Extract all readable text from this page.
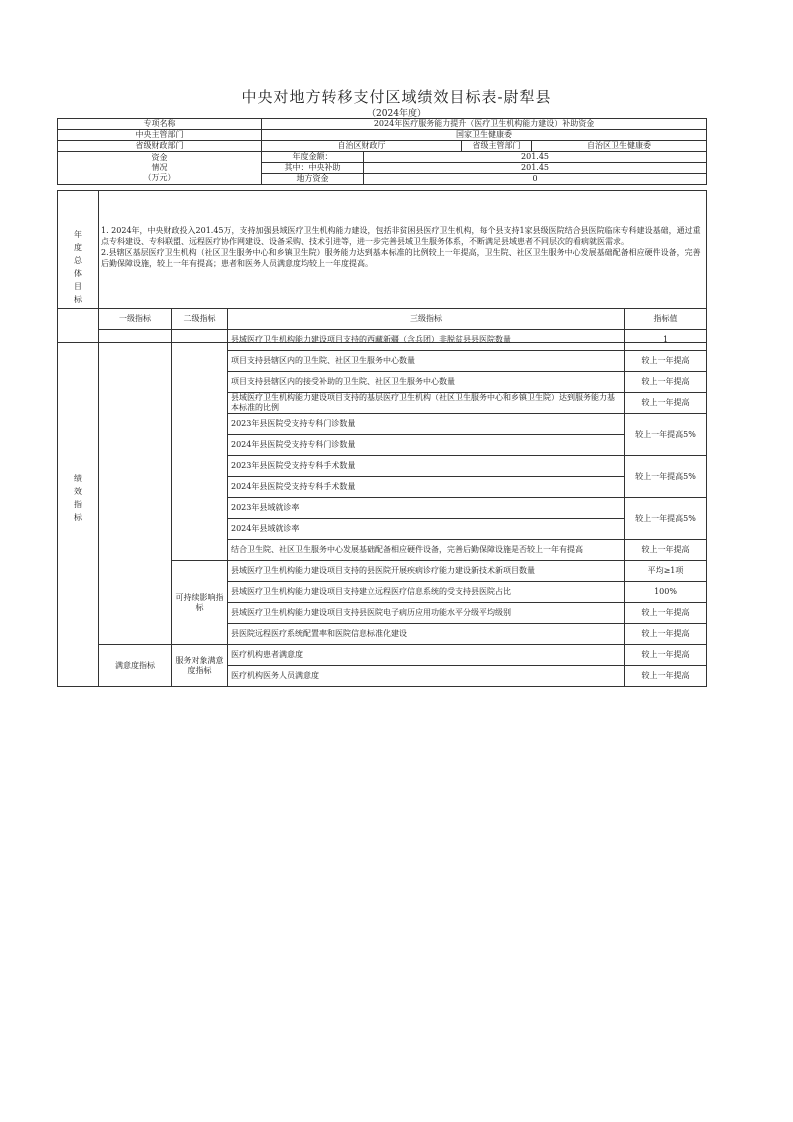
中央对地方转移支付区域绩效目标表-尉犁县
（2024年度）
专项名称	2024年医疗服务能力提升（医疗卫生机构能力建设）补助资金			
中央主管部门	国家卫生健康委			
省级财政部门	自治区财政厅		省级主管部门	自治区卫生健康委

资金
情况
（万元）	年度金额：	201.45		
	其中：中央补助	201.45		
	地方资金	0		
年
度
总
体
目
标

1. 2024年，中央财政投入201.45万，支持加强县域医疗卫生机构能力建设，包括非贫困县医疗卫生机构，每个县支持1家县级医院结合县医院临床专科建设基础，通过重点专科建设、专科联盟、远程医疗协作网建设、设备采购、技术引进等，进一步完善县域卫生服务体系，不断满足县域患者不同层次的看病就医需求。
2.县辖区基层医疗卫生机构（社区卫生服务中心和乡镇卫生院）服务能力达到基本标准的比例较上一年提高，卫生院、社区卫生服务中心发展基础配备相应硬件设备，完善后勤保障设施，较上一年有提高；患者和医务人员满意度均较上一年度提高。
绩
效
指
标	一级指标	二级指标	三级指标	指标值
			县域医疗卫生机构能力建设项目支持的西藏新疆（含兵团）非脱贫县县医院数量	1
			项目支持县辖区内的卫生院、社区卫生服务中心数量	较上一年提高
			项目支持县辖区内的接受补助的卫生院、社区卫生服务中心数量	较上一年提高
			县域医疗卫生机构能力建设项目支持的基层医疗卫生机构（社区卫生服务中心和乡镇卫生院）达到服务能力基本标准的比例	较上一年提高
			2023年县医院受支持专科门诊数量	较上一年提高5%
			2024年县医院受支持专科门诊数量	
			2023年县医院受支持专科手术数量	较上一年提高5%
			2024年县医院受支持专科手术数量	
			2023年县域就诊率	较上一年提高5%
			2024年县域就诊率	
			结合卫生院、社区卫生服务中心发展基础配备相应硬件设备，完善后勤保障设施是否较上一年有提高	较上一年提高
		可持续影响指标	县域医疗卫生机构能力建设项目支持的县医院开展疾病诊疗能力建设新技术新项目数量	平均≥1项
			县域医疗卫生机构能力建设项目支持建立远程医疗信息系统的受支持县医院占比	100%
			县域医疗卫生机构能力建设项目支持县医院电子病历应用功能水平分级平均级别	较上一年提高
			县医院远程医疗系统配置率和医院信息标准化建设	较上一年提高
	满意度指标	服务对象满意度指标	医疗机构患者满意度	较上一年提高
			医疗机构医务人员满意度	较上一年提高
